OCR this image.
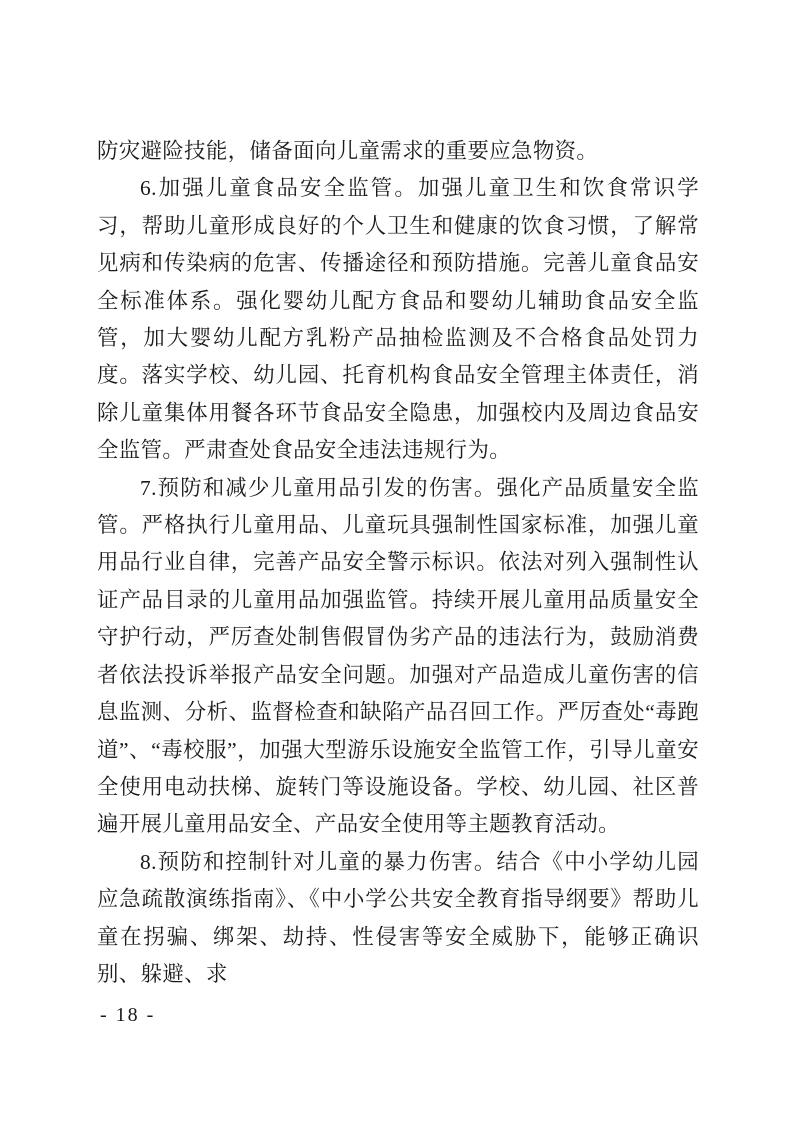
防灾避险技能，储备面向儿童需求的重要应急物资。

6.加强儿童食品安全监管。加强儿童卫生和饮食常识学习，帮助儿童形成良好的个人卫生和健康的饮食习惯，了解常见病和传染病的危害、传播途径和预防措施。完善儿童食品安全标准体系。强化婴幼儿配方食品和婴幼儿辅助食品安全监管，加大婴幼儿配方乳粉产品抽检监测及不合格食品处罚力度。落实学校、幼儿园、托育机构食品安全管理主体责任，消除儿童集体用餐各环节食品安全隐患，加强校内及周边食品安全监管。严肃查处食品安全违法违规行为。

7.预防和减少儿童用品引发的伤害。强化产品质量安全监管。严格执行儿童用品、儿童玩具强制性国家标准，加强儿童用品行业自律，完善产品安全警示标识。依法对列入强制性认证产品目录的儿童用品加强监管。持续开展儿童用品质量安全守护行动，严厉查处制售假冒伪劣产品的违法行为，鼓励消费者依法投诉举报产品安全问题。加强对产品造成儿童伤害的信息监测、分析、监督检查和缺陷产品召回工作。严厉查处“毒跑道”、“毒校服”，加强大型游乐设施安全监管工作，引导儿童安全使用电动扶梯、旋转门等设施设备。学校、幼儿园、社区普遍开展儿童用品安全、产品安全使用等主题教育活动。

8.预防和控制针对儿童的暴力伤害。结合《中小学幼儿园应急疏散演练指南》、《中小学公共安全教育指导纲要》帮助儿童在拐骗、绑架、劫持、性侵害等安全威胁下，能够正确识别、躲避、求

- 18 -
